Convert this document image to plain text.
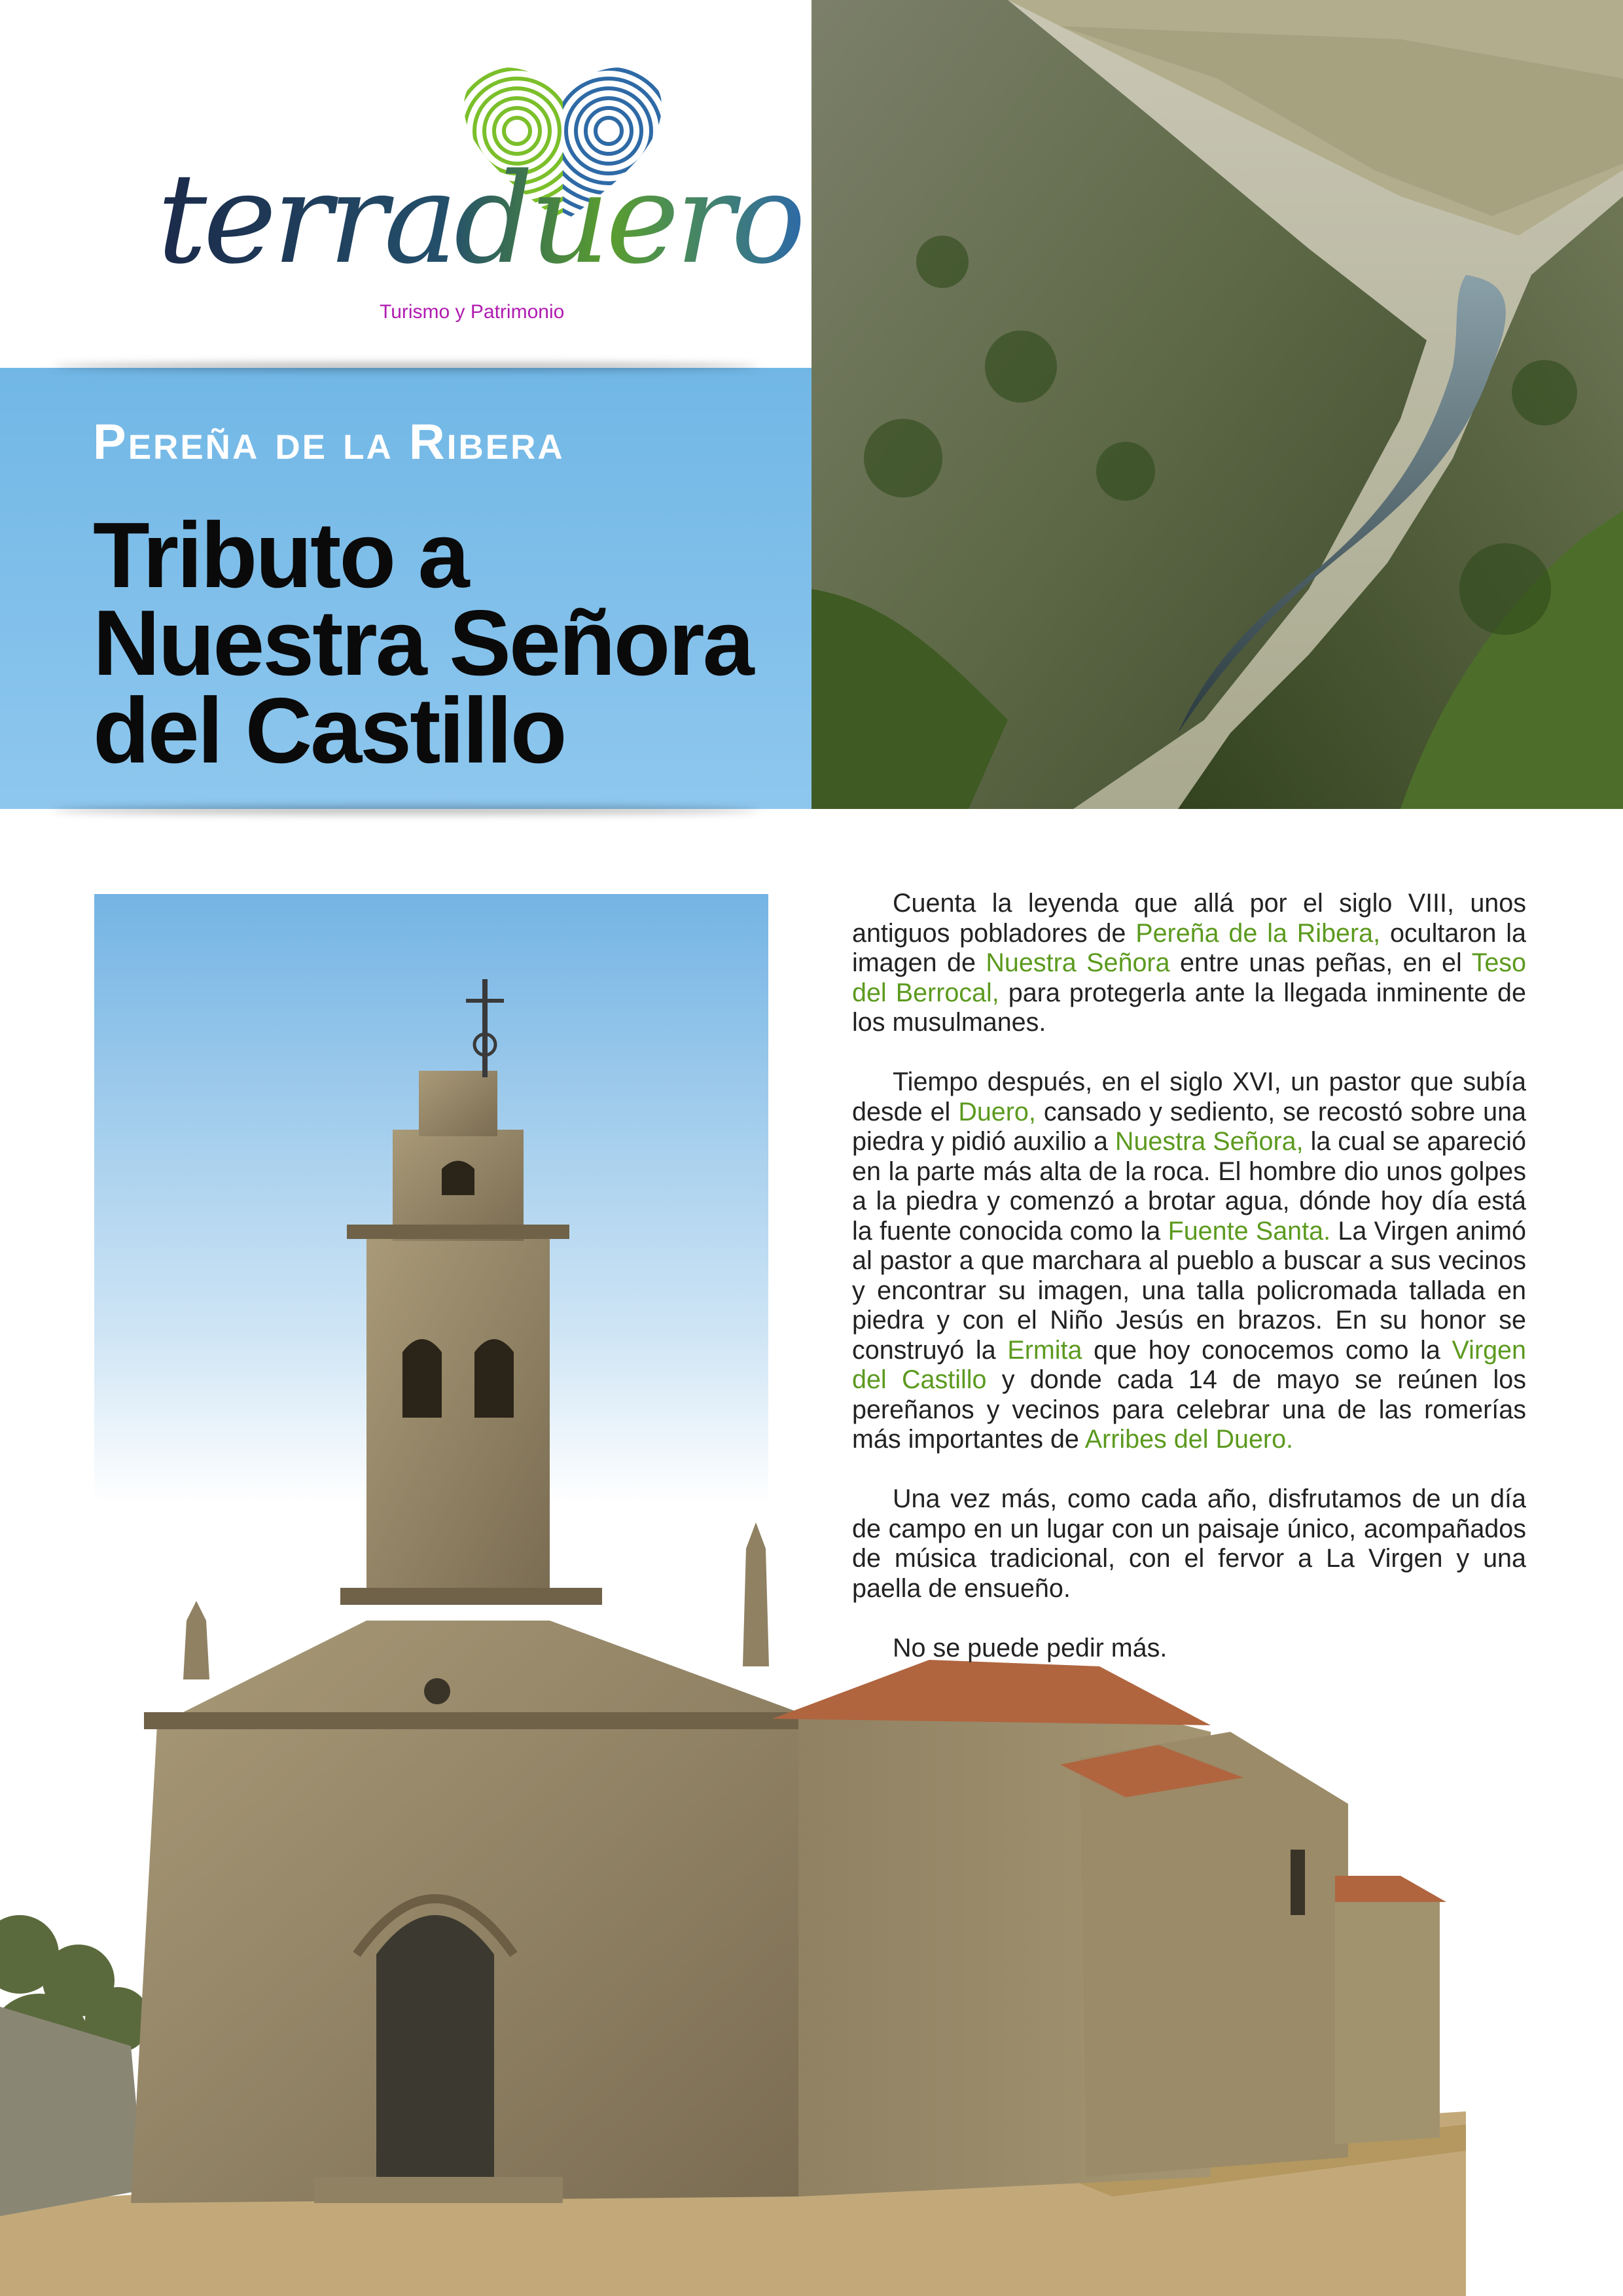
terraduero
Turismo y Patrimonio
Pereña de la Ribera
Tributo a
Nuestra Señora
del Castillo

Cuenta la leyenda que allá por el siglo VIII, unos antiguos pobladores de Pereña de la Ribera, ocultaron la imagen de Nuestra Señora entre unas peñas, en el Teso del Berrocal, para protegerla ante la llegada inminente de los musulmanes.

Tiempo después, en el siglo XVI, un pastor que subía desde el Duero, cansado y sediento, se recostó sobre una piedra y pidió auxilio a Nuestra Señora, la cual se apareció en la parte más alta de la roca. El hombre dio unos golpes a la piedra y comenzó a brotar agua, dónde hoy día está la fuente conocida como la Fuente Santa. La Virgen animó al pastor a que marchara al pueblo a buscar a sus vecinos y encontrar su imagen, una talla policromada tallada en piedra y con el Niño Jesús en brazos. En su honor se construyó la Ermita que hoy conocemos como la Virgen del Castillo y donde cada 14 de mayo se reúnen los pereñanos y vecinos para celebrar una de las romerías más importantes de Arribes del Duero.

Una vez más, como cada año, disfrutamos de un día de campo en un lugar con un paisaje único, acompañados de música tradicional, con el fervor a La Virgen y una paella de ensueño.

No se puede pedir más.
